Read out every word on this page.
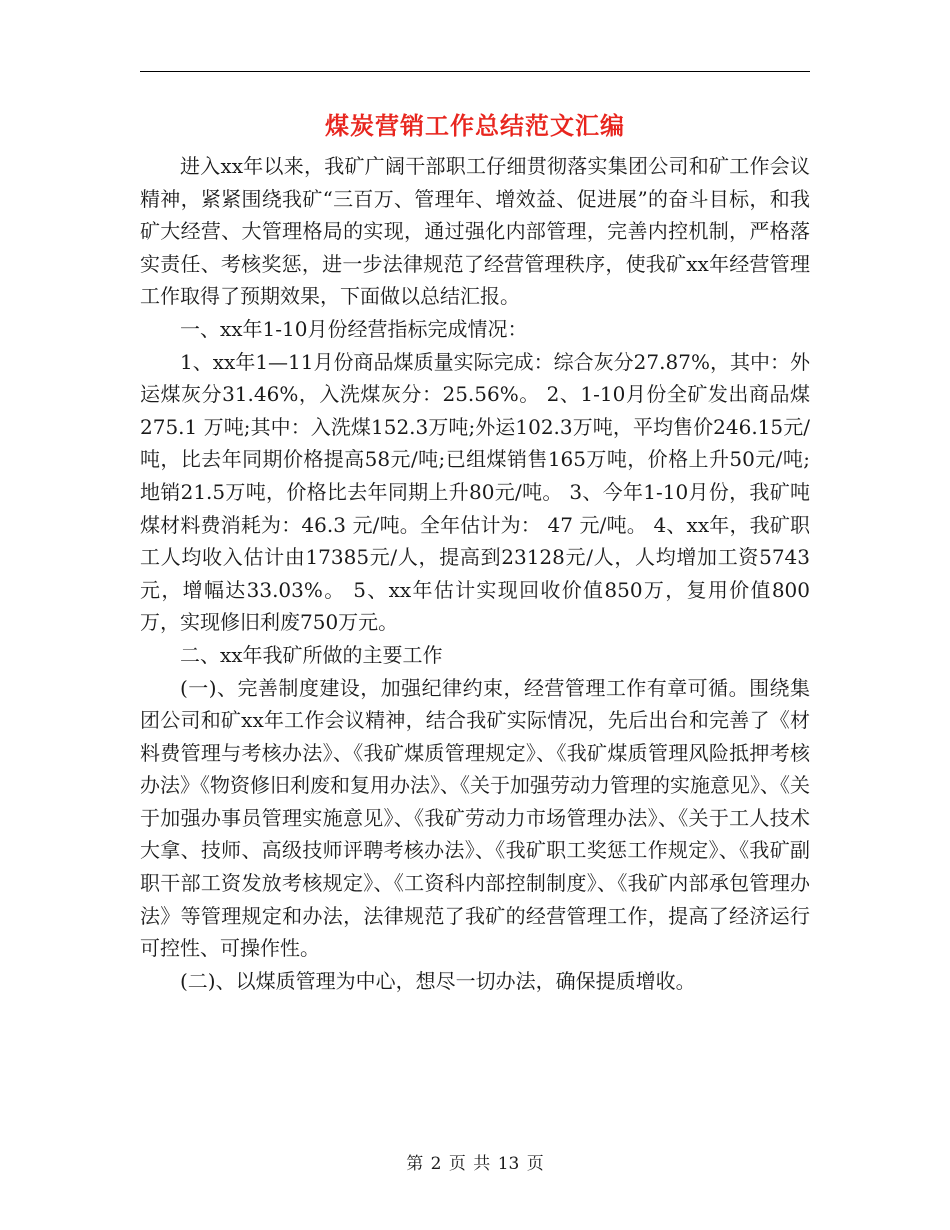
煤炭营销工作总结范文汇编

进入xx年以来，我矿广阔干部职工仔细贯彻落实集团公司和矿工作会议精神，紧紧围绕我矿“三百万、管理年、增效益、促进展”的奋斗目标，和我矿大经营、大管理格局的实现，通过强化内部管理，完善内控机制，严格落实责任、考核奖惩，进一步法律规范了经营管理秩序，使我矿xx年经营管理工作取得了预期效果，下面做以总结汇报。

一、xx年1-10月份经营指标完成情况：

1、xx年1—11月份商品煤质量实际完成：综合灰分27.87%，其中：外运煤灰分31.46%，入洗煤灰分：25.56%。 2、1-10月份全矿发出商品煤275.1 万吨;其中：入洗煤152.3万吨;外运102.3万吨，平均售价246.15元/吨，比去年同期价格提高58元/吨;已组煤销售165万吨，价格上升50元/吨;地销21.5万吨，价格比去年同期上升80元/吨。 3、今年1-10月份，我矿吨煤材料费消耗为：46.3 元/吨。全年估计为： 47 元/吨。 4、xx年，我矿职工人均收入估计由17385元/人，提高到23128元/人，人均增加工资5743元，增幅达33.03%。 5、xx年估计实现回收价值850万，复用价值800万，实现修旧利废750万元。

二、xx年我矿所做的主要工作

(一)、完善制度建设，加强纪律约束，经营管理工作有章可循。围绕集团公司和矿xx年工作会议精神，结合我矿实际情况，先后出台和完善了《材料费管理与考核办法》、《我矿煤质管理规定》、《我矿煤质管理风险抵押考核办法》《物资修旧利废和复用办法》、《关于加强劳动力管理的实施意见》、《关于加强办事员管理实施意见》、《我矿劳动力市场管理办法》、《关于工人技术大拿、技师、高级技师评聘考核办法》、《我矿职工奖惩工作规定》、《我矿副职干部工资发放考核规定》、《工资科内部控制制度》、《我矿内部承包管理办法》等管理规定和办法，法律规范了我矿的经营管理工作，提高了经济运行可控性、可操作性。

(二)、以煤质管理为中心，想尽一切办法，确保提质增收。

第 2 页 共 13 页
